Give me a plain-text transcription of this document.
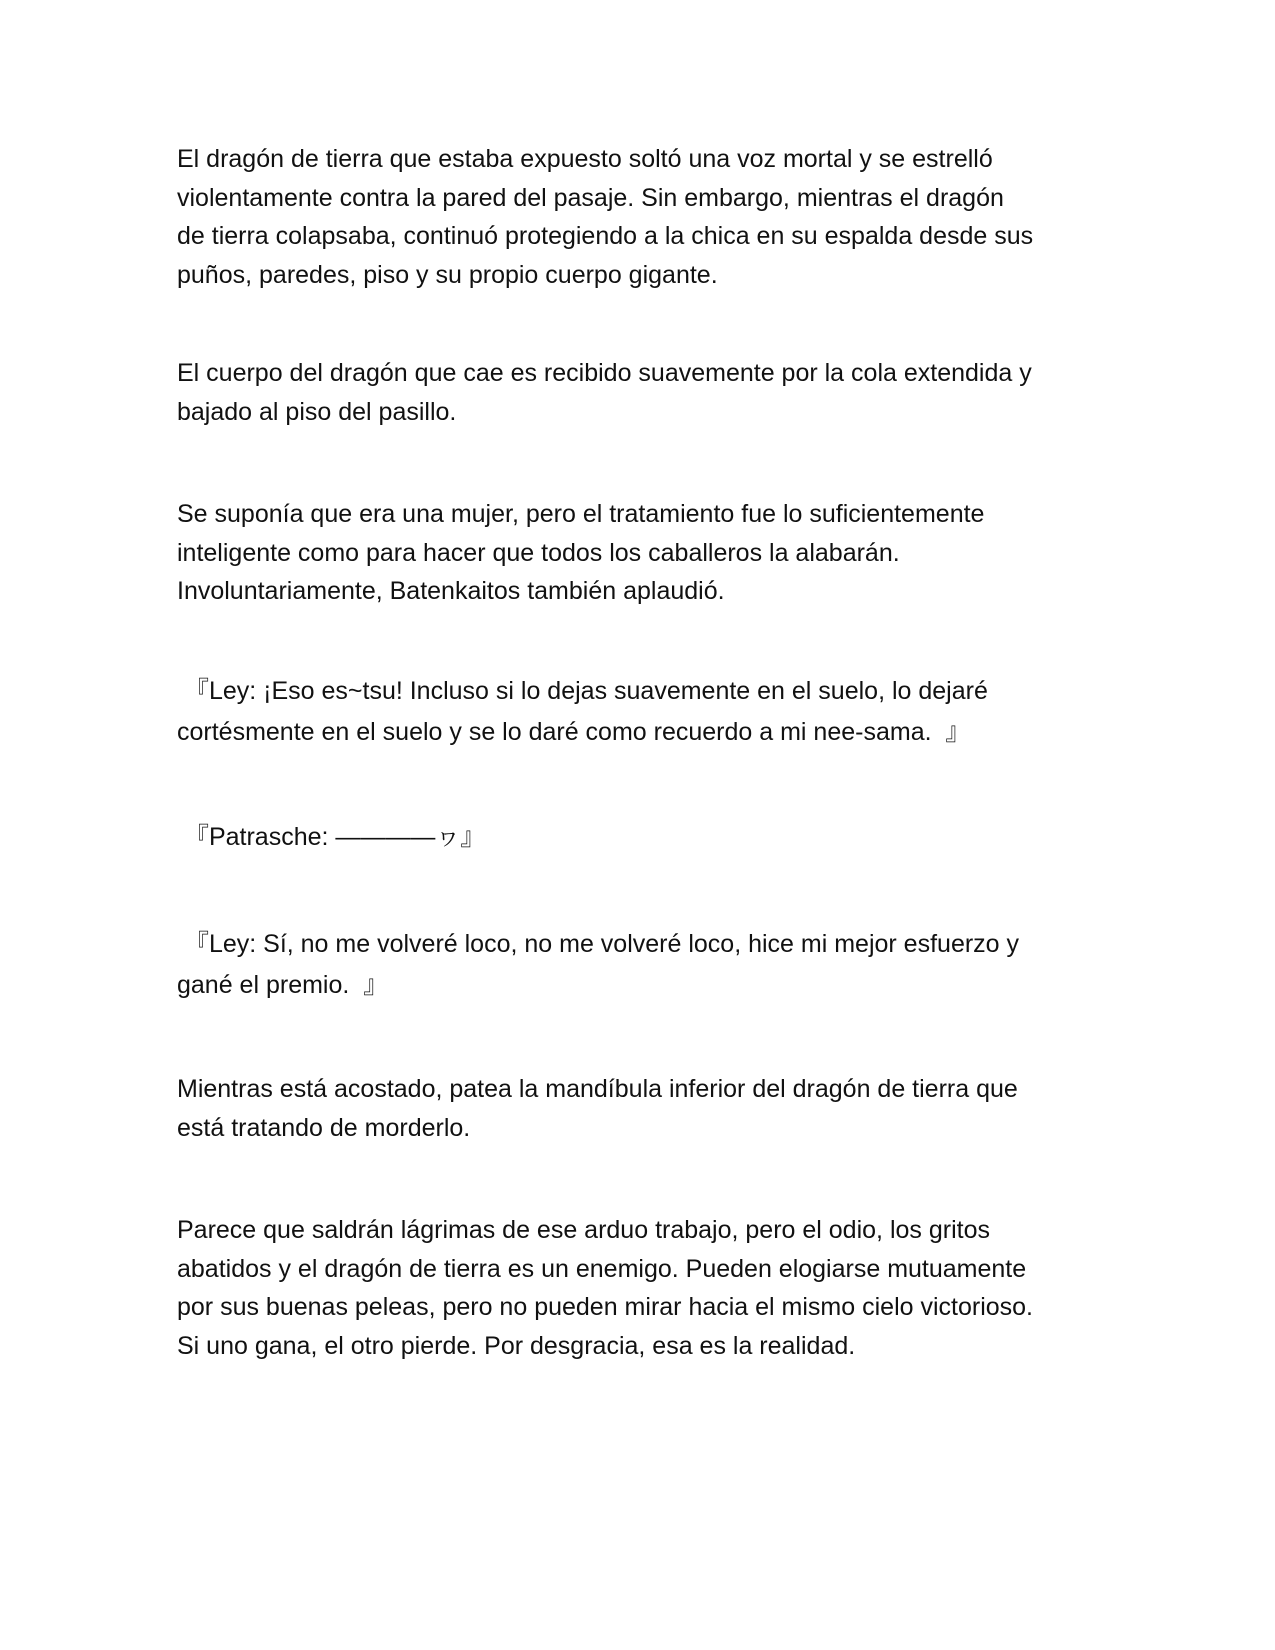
El dragón de tierra que estaba expuesto soltó una voz mortal y se estrelló
violentamente contra la pared del pasaje. Sin embargo, mientras el dragón
de tierra colapsaba, continuó protegiendo a la chica en su espalda desde sus
puños, paredes, piso y su propio cuerpo gigante.
El cuerpo del dragón que cae es recibido suavemente por la cola extendida y
bajado al piso del pasillo.
Se suponía que era una mujer, pero el tratamiento fue lo suficientemente
inteligente como para hacer que todos los caballeros la alabarán.
Involuntariamente, Batenkaitos también aplaudió.
『Ley: ¡Eso es~tsu! Incluso si lo dejas suavemente en el suelo, lo dejaré
cortésmente en el suelo y se lo daré como recuerdo a mi nee-sama.  』
『Patrasche: ————ヮ』
『Ley: Sí, no me volveré loco, no me volveré loco, hice mi mejor esfuerzo y
gané el premio.  』
Mientras está acostado, patea la mandíbula inferior del dragón de tierra que
está tratando de morderlo.
Parece que saldrán lágrimas de ese arduo trabajo, pero el odio, los gritos
abatidos y el dragón de tierra es un enemigo. Pueden elogiarse mutuamente
por sus buenas peleas, pero no pueden mirar hacia el mismo cielo victorioso.
Si uno gana, el otro pierde. Por desgracia, esa es la realidad.
